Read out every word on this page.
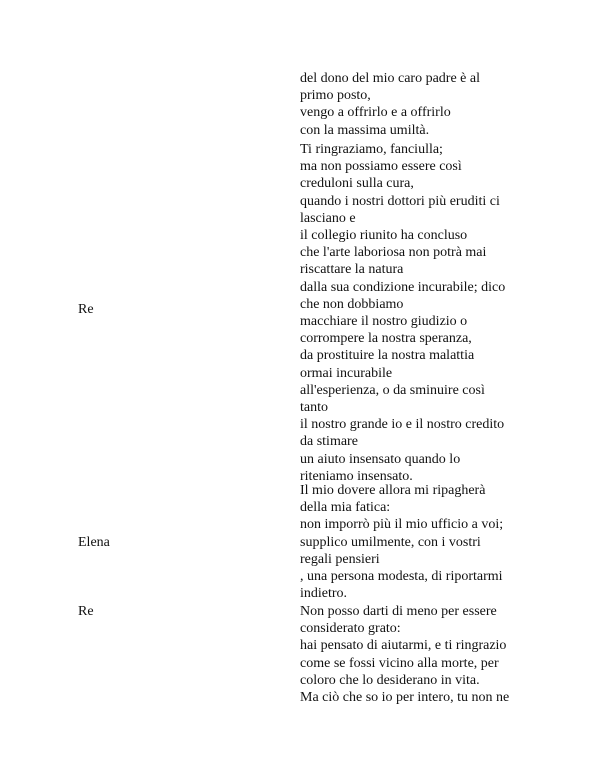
del dono del mio caro padre è al
primo posto,
vengo a offrirlo e a offrirlo
con la massima umiltà.
Re
Ti ringraziamo, fanciulla;
ma non possiamo essere così
creduloni sulla cura,
quando i nostri dottori più eruditi ci
lasciano e
il collegio riunito ha concluso
che l'arte laboriosa non potrà mai
riscattare la natura
dalla sua condizione incurabile; dico
che non dobbiamo
macchiare il nostro giudizio o
corrompere la nostra speranza,
da prostituire la nostra malattia
ormai incurabile
all'esperienza, o da sminuire così
tanto
il nostro grande io e il nostro credito
da stimare
un aiuto insensato quando lo
riteniamo insensato.
Elena
Il mio dovere allora mi ripagherà
della mia fatica:
non imporrò più il mio ufficio a voi;
supplico umilmente, con i vostri
regali pensieri
, una persona modesta, di riportarmi
indietro.
Re	Non posso darti di meno per essere
considerato grato:
hai pensato di aiutarmi, e ti ringrazio
come se fossi vicino alla morte, per
coloro che lo desiderano in vita.
Ma ciò che so io per intero, tu non ne
